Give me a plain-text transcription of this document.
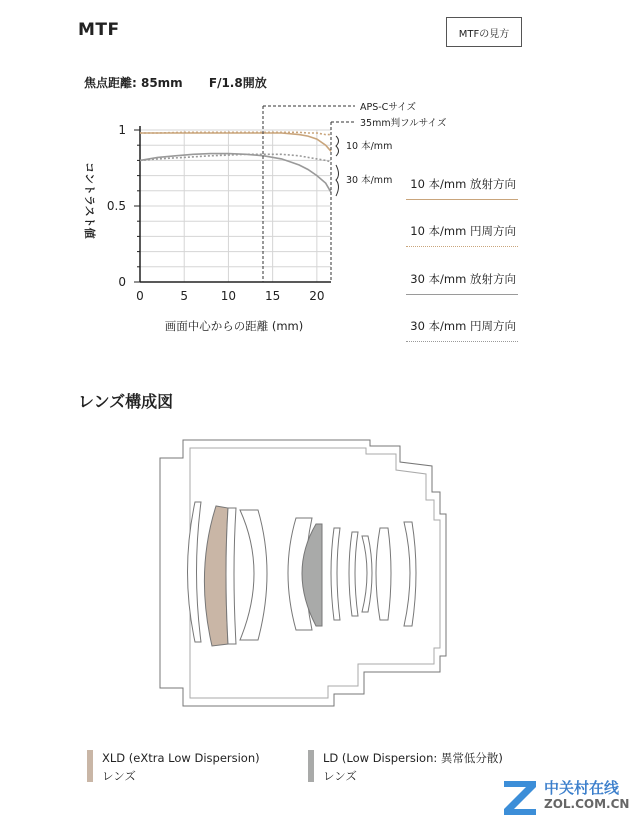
MTF	MTFの見方
焦点距離: 85mm F/1.8開放
0	5	10 15 20
0
0.5
1
コントラスト値
画面中心からの距離 (mm)
APS-Cサイズ
35mm判フルサイズ
10 本/mm
30 本/mm	10 本/mm 放射方向
10 本/mm 円周方向
30 本/mm 放射方向
30 本/mm 円周方向
レンズ構成図
XLD (eXtra Low Dispersion)
レンズ
LD (Low Dispersion: 異常低分散)
レンズ
中关村在线
ZOL.COM.CN
